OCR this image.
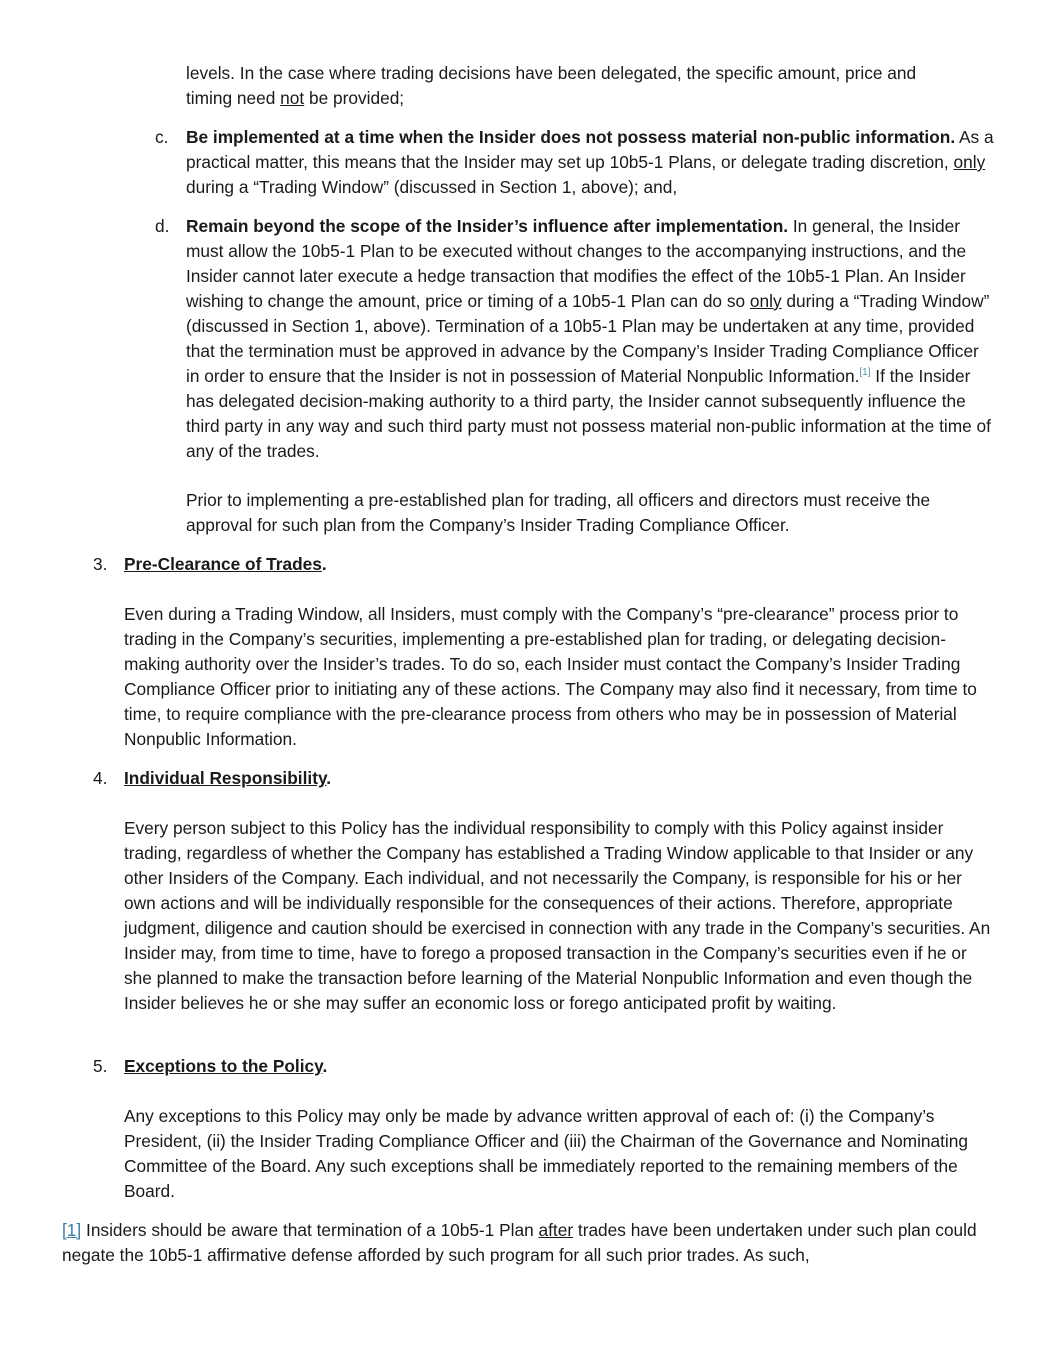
levels. In the case where trading decisions have been delegated, the specific amount, price and
timing need not be provided;
c.	Be implemented at a time when the Insider does not possess material non-public information. As a practical matter, this means that the Insider may set up 10b5-1 Plans, or delegate trading discretion, only during a “Trading Window” (discussed in Section 1, above); and,
d. Remain beyond the scope of the Insider’s influence after implementation. In general, the Insider must allow the 10b5-1 Plan to be executed without changes to the accompanying instructions, and the Insider cannot later execute a hedge transaction that modifies the effect of the 10b5-1 Plan. An Insider wishing to change the amount, price or timing of a 10b5-1 Plan can do so only during a “Trading Window” (discussed in Section 1, above). Termination of a 10b5-1 Plan may be undertaken at any time, provided that the termination must be approved in advance by the Company’s Insider Trading Compliance Officer in order to ensure that the Insider is not in possession of Material Nonpublic Information.[1] If the Insider has delegated decision-making authority to a third party, the Insider cannot subsequently influence the third party in any way and such third party must not possess material non-public information at the time of any of the trades.
Prior to implementing a pre-established plan for trading, all officers and directors must receive the approval for such plan from the Company’s Insider Trading Compliance Officer.
3. Pre-Clearance of Trades.
Even during a Trading Window, all Insiders, must comply with the Company’s “pre-clearance” process prior to trading in the Company’s securities, implementing a pre-established plan for trading, or delegating decision-making authority over the Insider’s trades. To do so, each Insider must contact the Company’s Insider Trading Compliance Officer prior to initiating any of these actions. The Company may also find it necessary, from time to time, to require compliance with the pre-clearance process from others who may be in possession of Material Nonpublic Information.
4. Individual Responsibility.
Every person subject to this Policy has the individual responsibility to comply with this Policy against insider trading, regardless of whether the Company has established a Trading Window applicable to that Insider or any other Insiders of the Company. Each individual, and not necessarily the Company, is responsible for his or her own actions and will be individually responsible for the consequences of their actions. Therefore, appropriate judgment, diligence and caution should be exercised in connection with any trade in the Company’s securities. An Insider may, from time to time, have to forego a proposed transaction in the Company’s securities even if he or she planned to make the transaction before learning of the Material Nonpublic Information and even though the Insider believes he or she may suffer an economic loss or forego anticipated profit by waiting.
5. Exceptions to the Policy.
Any exceptions to this Policy may only be made by advance written approval of each of: (i) the Company’s President, (ii) the Insider Trading Compliance Officer and (iii) the Chairman of the Governance and Nominating Committee of the Board. Any such exceptions shall be immediately reported to the remaining members of the Board.
[1] Insiders should be aware that termination of a 10b5-1 Plan after trades have been undertaken under such plan could negate the 10b5-1 affirmative defense afforded by such program for all such prior trades. As such,
